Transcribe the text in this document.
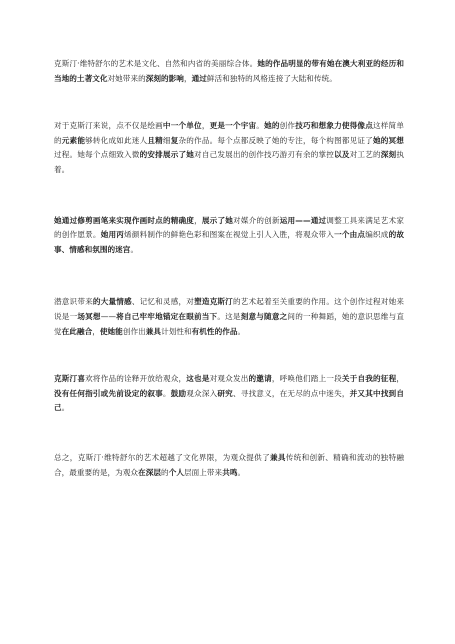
克斯汀·维特舒尔的艺术是文化、自然和内省的美丽综合体。她的作品明显的带有她在澳大利亚的经历和当地的土著文化对她带来的深刻的影响，通过鲜活和独特的风格连接了大陆和传统。

对于克斯汀来说，点不仅是绘画中一个单位，更是一个宇宙。她的创作技巧和想象力使得像点这样简单的元素能够转化成如此迷人且精细复杂的作品。每个点都反映了她的专注，每个构图都见证了她的冥想过程。她每个点细致入微的安排展示了她对自己发展出的创作技巧游刃有余的掌控以及对工艺的深刻执着。

她通过修剪画笔来实现作画时点的精确度，展示了她对媒介的创新运用——通过调整工具来满足艺术家的创作愿景。她用丙烯颜料制作的鲜艳色彩和图案在视觉上引人入胜，将观众带入一个由点编织成的故事、情感和氛围的迷宫。

潜意识带来的大量情感、记忆和灵感，对塑造克斯汀的艺术起着至关重要的作用。这个创作过程对她来说是一场冥想——将自己牢牢地锚定在眼前当下。这是刻意与随意之间的一种舞蹈，她的意识思维与直觉在此融合，使她能创作出兼具计划性和有机性的作品。

克斯汀喜欢将作品的诠释开放给观众，这也是对观众发出的邀请，呼唤他们踏上一段关于自我的征程，没有任何指引或先前设定的叙事。鼓励观众深入研究、寻找意义，在无尽的点中迷失，并又其中找到自己。

总之，克斯汀·维特舒尔的艺术超越了文化界限，为观众提供了兼具传统和创新、精确和流动的独特融合，最重要的是，为观众在深层的个人层面上带来共鸣。
